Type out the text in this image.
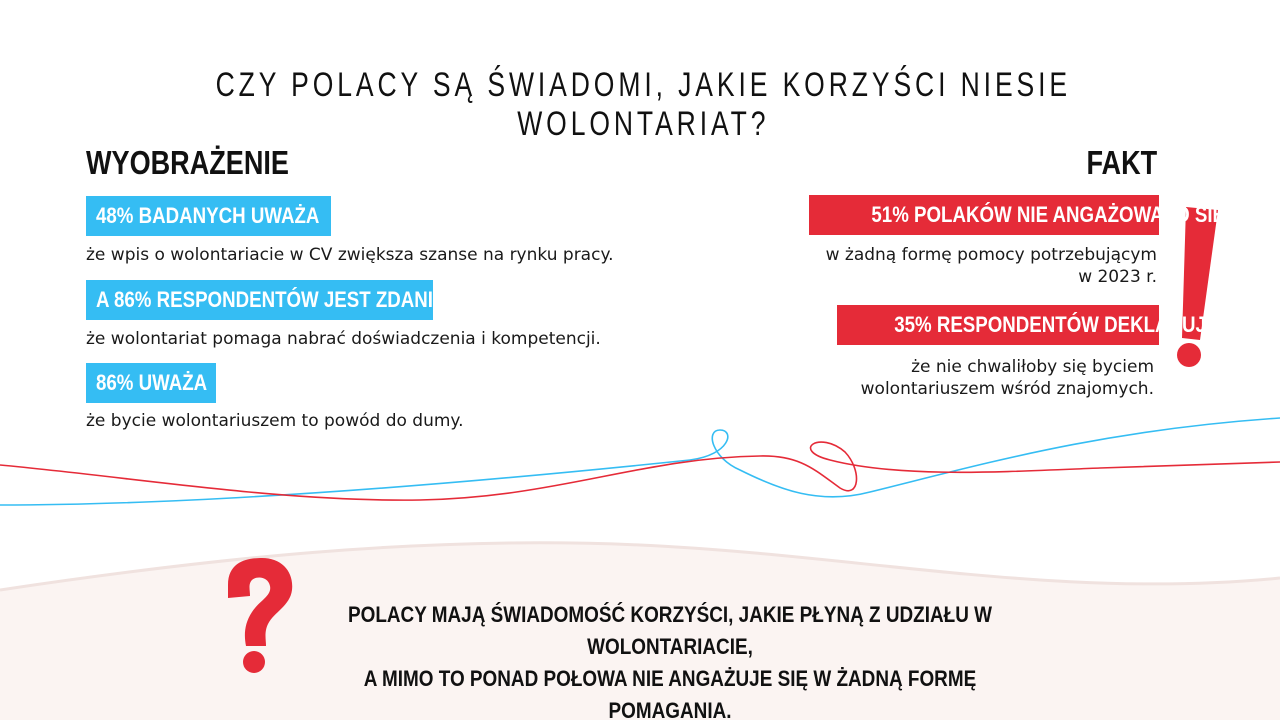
CZY POLACY SĄ ŚWIADOMI, JAKIE KORZYŚCI NIESIE WOLONTARIAT?
WYOBRAŻENIE	FAKT
48% BADANYCH UWAŻA
że wpis o wolontariacie w CV zwiększa szanse na rynku pracy.
A 86% RESPONDENTÓW JEST ZDANIA
że wolontariat pomaga nabrać doświadczenia i kompetencji.
86% UWAŻA
że bycie wolontariuszem to powód do dumy.
51% POLAKÓW NIE ANGAŻOWAŁO SIĘ
w żadną formę pomocy potrzebującym
w 2023 r.
35% RESPONDENTÓW DEKLARUJE
że nie chwaliłoby się byciem
wolontariuszem wśród znajomych.
POLACY MAJĄ ŚWIADOMOŚĆ KORZYŚCI, JAKIE PŁYNĄ Z UDZIAŁU W WOLONTARIACIE,
A MIMO TO PONAD POŁOWA NIE ANGAŻUJE SIĘ W ŻADNĄ FORMĘ POMAGANIA.
